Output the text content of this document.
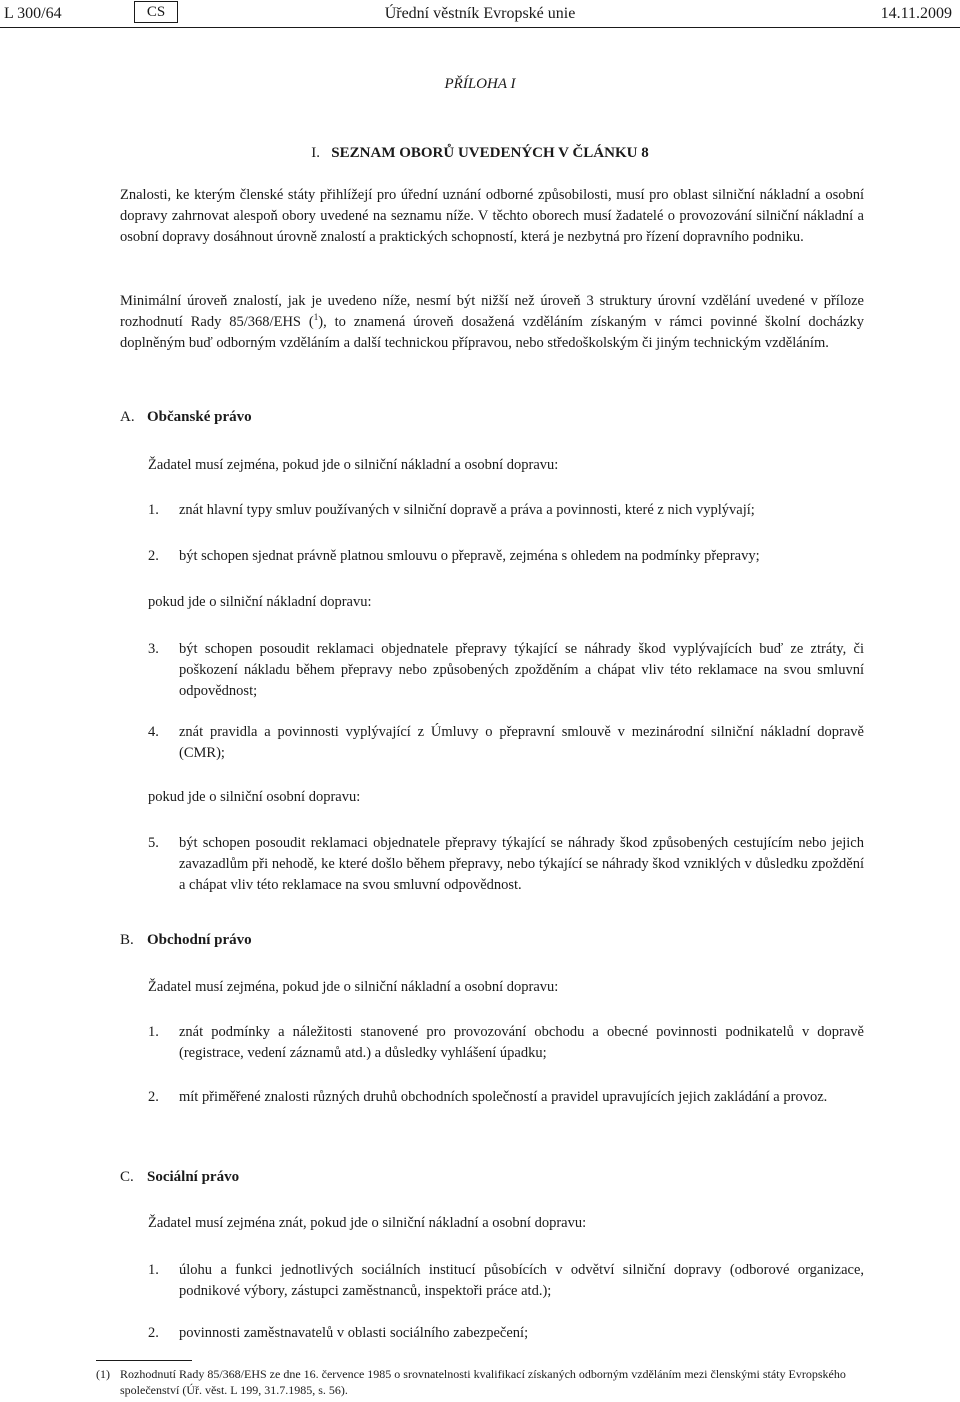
L 300/64	CS	Úřední věstník Evropské unie	14.11.2009
PŘÍLOHA I
I. SEZNAM OBORŮ UVEDENÝCH V ČLÁNKU 8
Znalosti, ke kterým členské státy přihlížejí pro úřední uznání odborné způsobilosti, musí pro oblast silniční nákladní a osobní dopravy zahrnovat alespoň obory uvedené na seznamu níže. V těchto oborech musí žadatelé o provozování silniční nákladní a osobní dopravy dosáhnout úrovně znalostí a praktických schopností, která je nezbytná pro řízení dopravního podniku.
Minimální úroveň znalostí, jak je uvedeno níže, nesmí být nižší než úroveň 3 struktury úrovní vzdělání uvedené v příloze rozhodnutí Rady 85/368/EHS ($^1$), to znamená úroveň dosažená vzděláním získaným v rámci povinné školní docházky doplněným buď odborným vzděláním a další technickou přípravou, nebo středoškolským či jiným technickým vzděláním.
A. Občanské právo
Žadatel musí zejména, pokud jde o silniční nákladní a osobní dopravu:
1. znát hlavní typy smluv používaných v silniční dopravě a práva a povinnosti, které z nich vyplývají;
2. být schopen sjednat právně platnou smlouvu o přepravě, zejména s ohledem na podmínky přepravy;
pokud jde o silniční nákladní dopravu:
3. být schopen posoudit reklamaci objednatele přepravy týkající se náhrady škod vyplývajících buď ze ztráty, či poškození nákladu během přepravy nebo způsobených zpožděním a chápat vliv této reklamace na svou smluvní odpovědnost;
4. znát pravidla a povinnosti vyplývající z Úmluvy o přepravní smlouvě v mezinárodní silniční nákladní dopravě (CMR);
pokud jde o silniční osobní dopravu:
5. být schopen posoudit reklamaci objednatele přepravy týkající se náhrady škod způsobených cestujícím nebo jejich zavazadlům při nehodě, ke které došlo během přepravy, nebo týkající se náhrady škod vzniklých v důsledku zpoždění a chápat vliv této reklamace na svou smluvní odpovědnost.
B. Obchodní právo
Žadatel musí zejména, pokud jde o silniční nákladní a osobní dopravu:
1. znát podmínky a náležitosti stanovené pro provozování obchodu a obecné povinnosti podnikatelů v dopravě (registrace, vedení záznamů atd.) a důsledky vyhlášení úpadku;
2. mít přiměřené znalosti různých druhů obchodních společností a pravidel upravujících jejich zakládání a provoz.
C. Sociální právo
Žadatel musí zejména znát, pokud jde o silniční nákladní a osobní dopravu:
1. úlohu a funkci jednotlivých sociálních institucí působících v odvětví silniční dopravy (odborové organizace, podnikové výbory, zástupci zaměstnanců, inspektoři práce atd.);
2. povinnosti zaměstnavatelů v oblasti sociálního zabezpečení;
(1) Rozhodnutí Rady 85/368/EHS ze dne 16. července 1985 o srovnatelnosti kvalifikací získaných odborným vzděláním mezi členskými státy Evropského společenství (Úř. věst. L 199, 31.7.1985, s. 56).
